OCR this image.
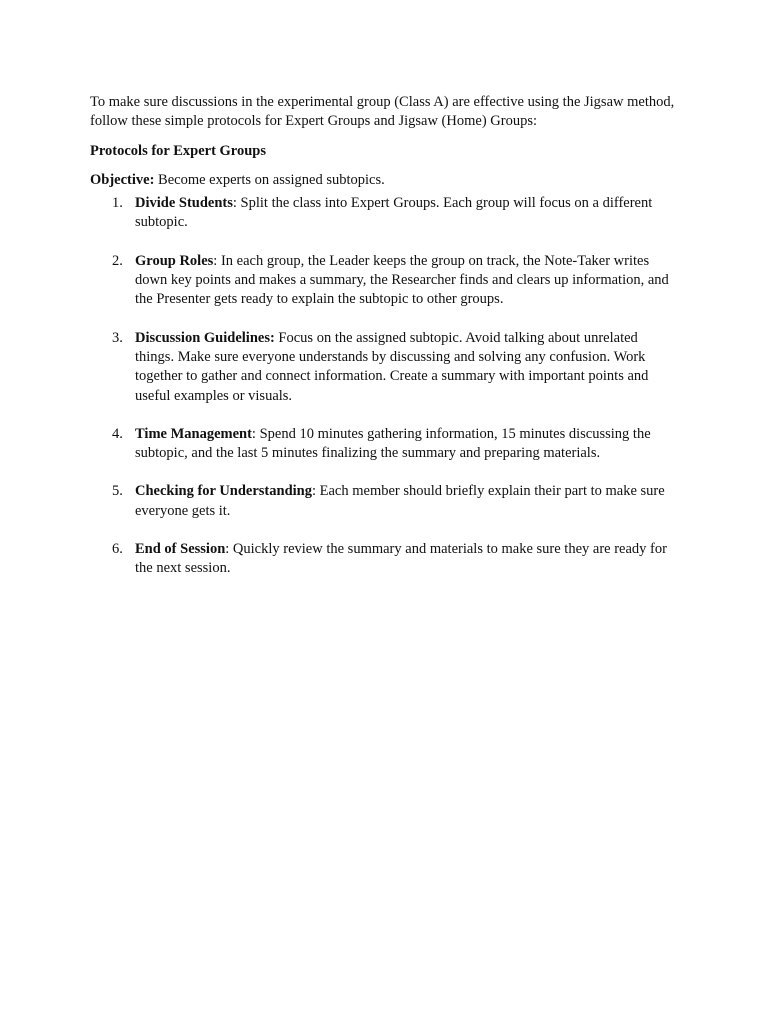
To make sure discussions in the experimental group (Class A) are effective using the Jigsaw method, follow these simple protocols for Expert Groups and Jigsaw (Home) Groups:

Protocols for Expert Groups

Objective: Become experts on assigned subtopics.

1. Divide Students: Split the class into Expert Groups. Each group will focus on a different subtopic.
2. Group Roles: In each group, the Leader keeps the group on track, the Note-Taker writes down key points and makes a summary, the Researcher finds and clears up information, and the Presenter gets ready to explain the subtopic to other groups.
3. Discussion Guidelines: Focus on the assigned subtopic. Avoid talking about unrelated things. Make sure everyone understands by discussing and solving any confusion. Work together to gather and connect information. Create a summary with important points and useful examples or visuals.
4. Time Management: Spend 10 minutes gathering information, 15 minutes discussing the subtopic, and the last 5 minutes finalizing the summary and preparing materials.
5. Checking for Understanding: Each member should briefly explain their part to make sure everyone gets it.
6. End of Session: Quickly review the summary and materials to make sure they are ready for the next session.
